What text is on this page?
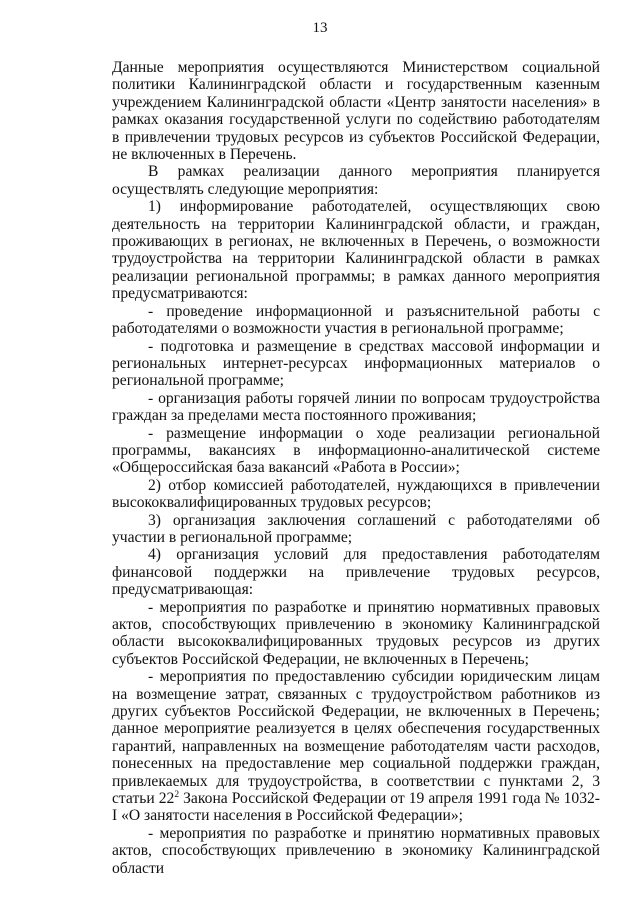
13

Данные мероприятия осуществляются Министерством социальной политики Калининградской области и государственным казенным учреждением Калининградской области «Центр занятости населения» в рамках оказания государственной услуги по содействию работодателям в привлечении трудовых ресурсов из субъектов Российской Федерации, не включенных в Перечень.

В рамках реализации данного мероприятия планируется осуществлять следующие мероприятия:

1) информирование работодателей, осуществляющих свою деятельность на территории Калининградской области, и граждан, проживающих в регионах, не включенных в Перечень, о возможности трудоустройства на территории Калининградской области в рамках реализации региональной программы; в рамках данного мероприятия предусматриваются:

- проведение информационной и разъяснительной работы с работодателями о возможности участия в региональной программе;

- подготовка и размещение в средствах массовой информации и региональных интернет-ресурсах информационных материалов о региональной программе;

- организация работы горячей линии по вопросам трудоустройства граждан за пределами места постоянного проживания;

- размещение информации о ходе реализации региональной программы, вакансиях в информационно-аналитической системе «Общероссийская база вакансий «Работа в России»;

2) отбор комиссией работодателей, нуждающихся в привлечении высококвалифицированных трудовых ресурсов;

3) организация заключения соглашений с работодателями об участии в региональной программе;

4) организация условий для предоставления работодателям финансовой поддержки на привлечение трудовых ресурсов, предусматривающая:

- мероприятия по разработке и принятию нормативных правовых актов, способствующих привлечению в экономику Калининградской области высококвалифицированных трудовых ресурсов из других субъектов Российской Федерации, не включенных в Перечень;

- мероприятия по предоставлению субсидии юридическим лицам на возмещение затрат, связанных с трудоустройством работников из других субъектов Российской Федерации, не включенных в Перечень; данное мероприятие реализуется в целях обеспечения государственных гарантий, направленных на возмещение работодателям части расходов, понесенных на предоставление мер социальной поддержки граждан, привлекаемых для трудоустройства, в соответствии с пунктами 2, 3 статьи $22^2$ Закона Российской Федерации от 19 апреля 1991 года № 1032-I «О занятости населения в Российской Федерации»;

- мероприятия по разработке и принятию нормативных правовых актов, способствующих привлечению в экономику Калининградской области
